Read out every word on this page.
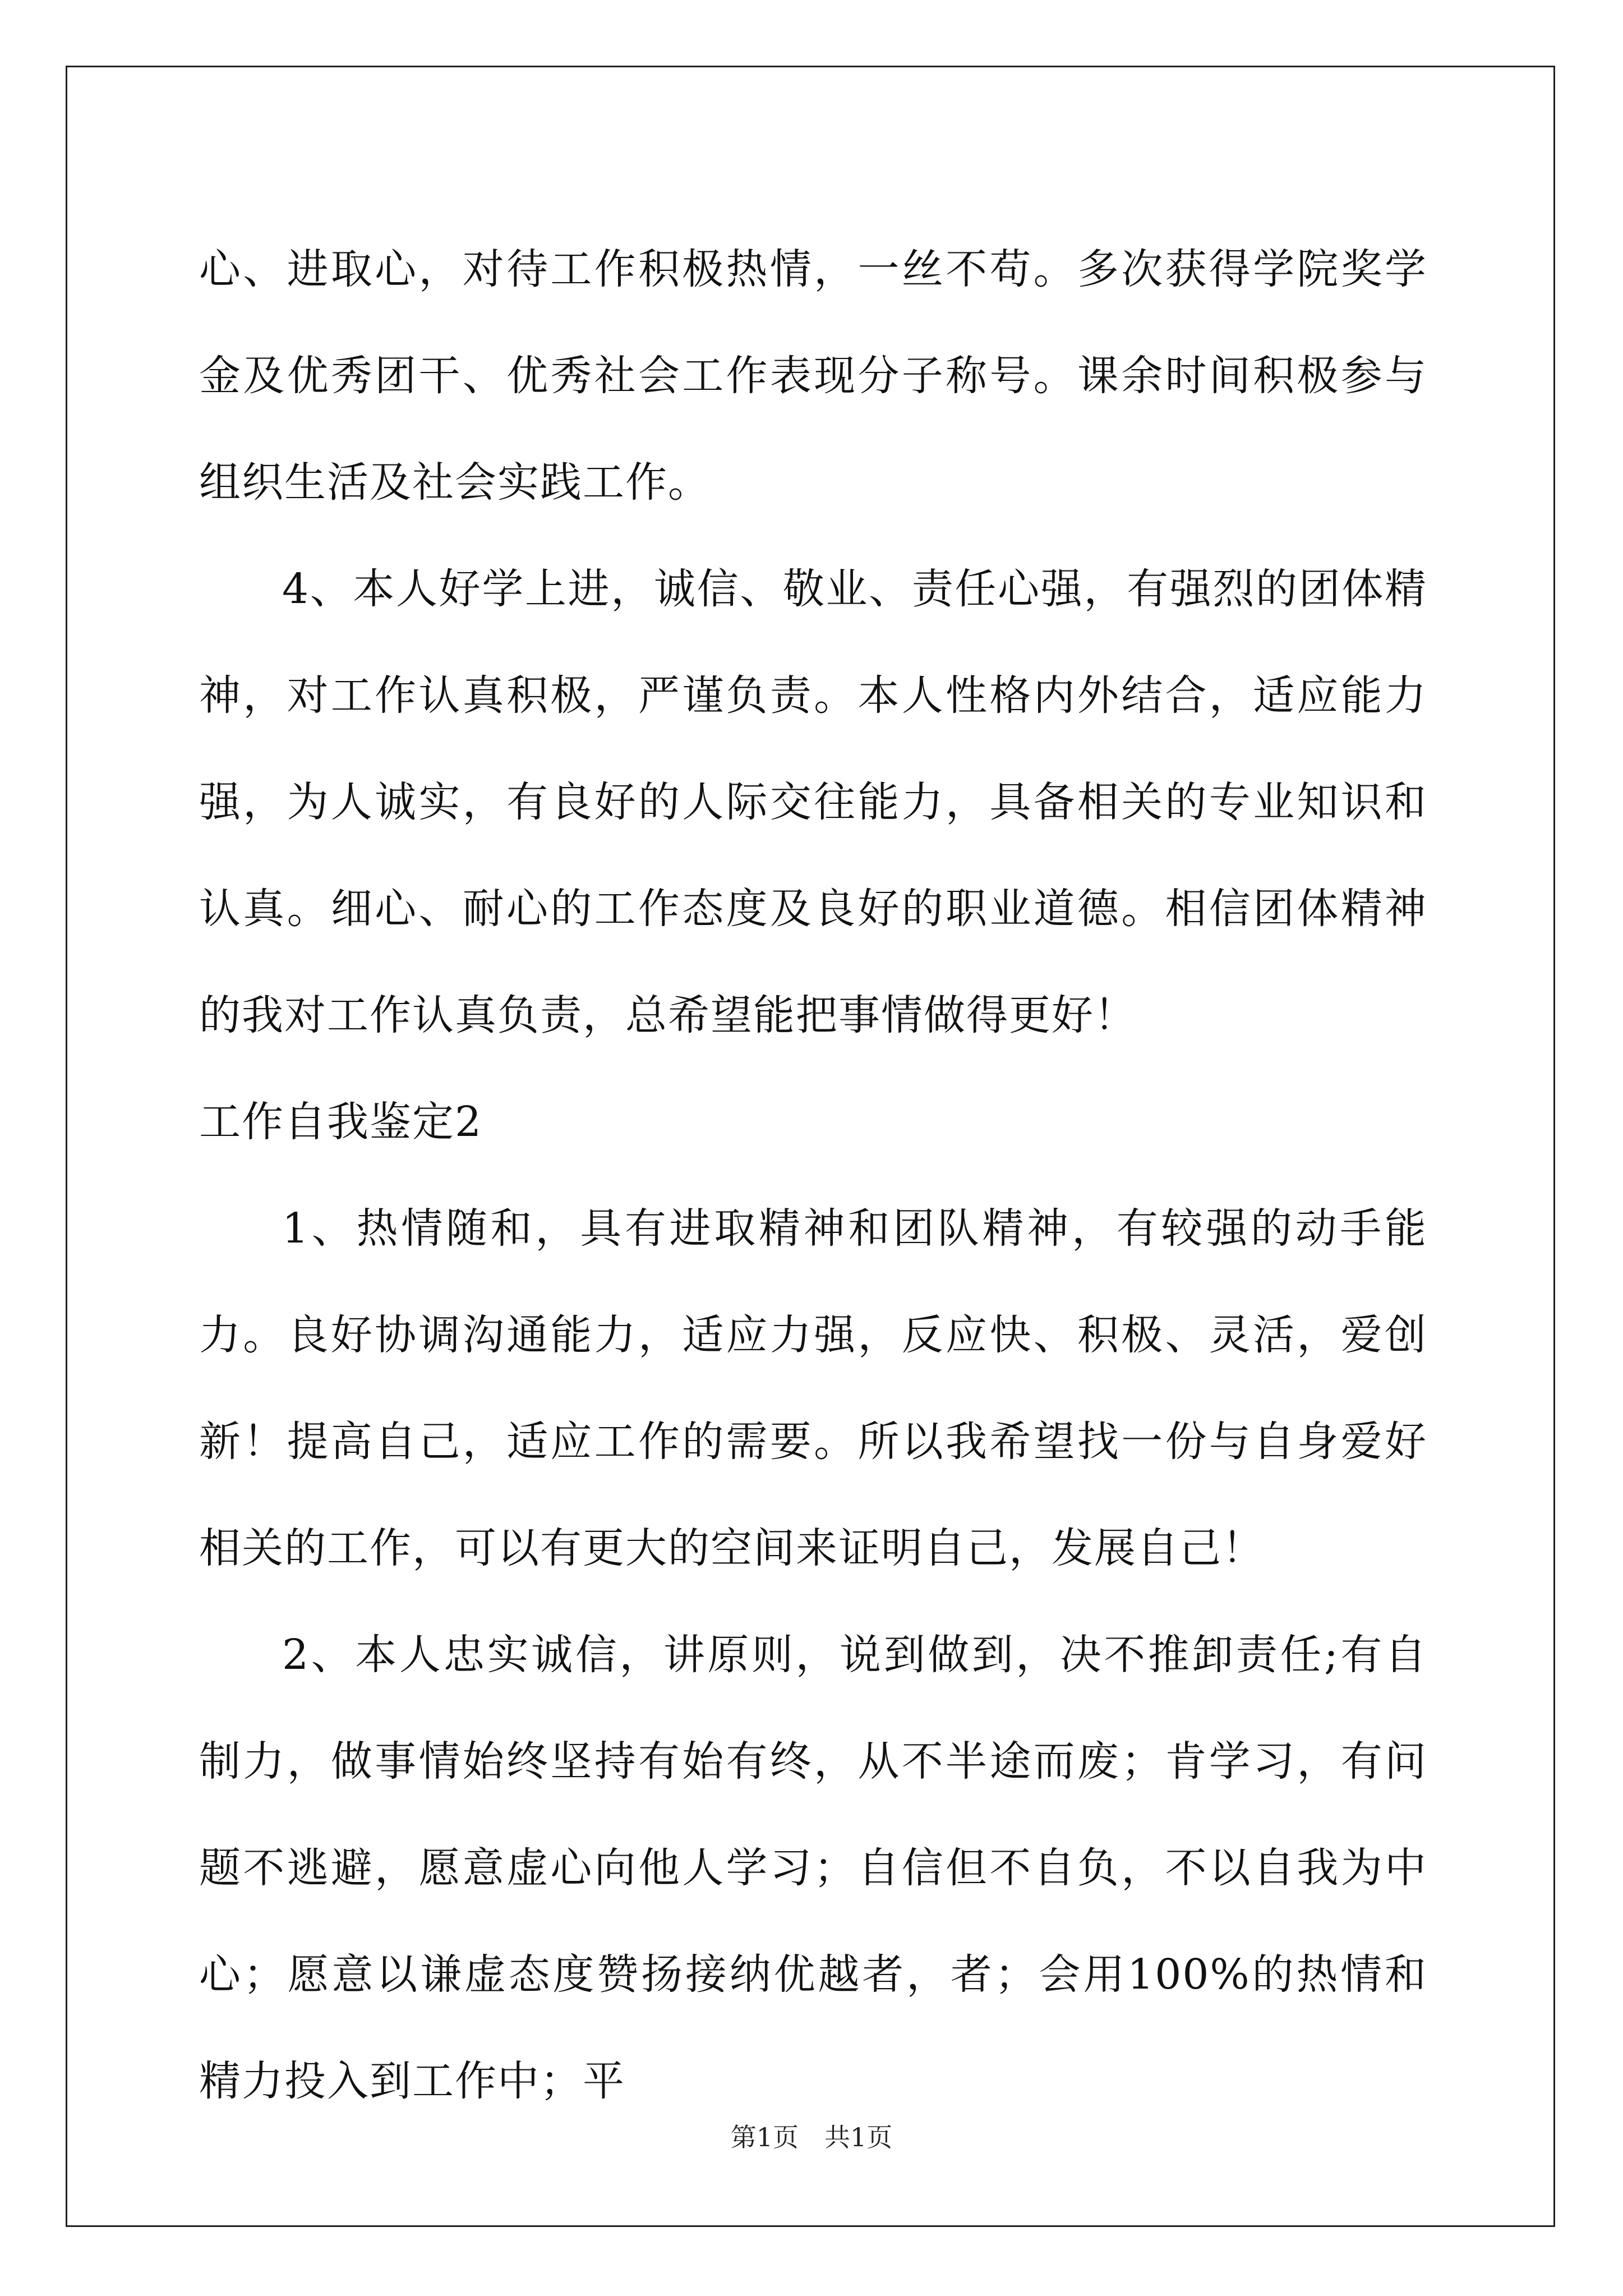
心、进取心，对待工作积极热情，一丝不苟。多次获得学院奖学金及优秀团干、优秀社会工作表现分子称号。课余时间积极参与组织生活及社会实践工作。

4、本人好学上进，诚信、敬业、责任心强，有强烈的团体精神，对工作认真积极，严谨负责。本人性格内外结合，适应能力强，为人诚实，有良好的人际交往能力，具备相关的专业知识和认真。细心、耐心的工作态度及良好的职业道德。相信团体精神的我对工作认真负责，总希望能把事情做得更好！

工作自我鉴定2

1、热情随和，具有进取精神和团队精神，有较强的动手能力。良好协调沟通能力，适应力强，反应快、积极、灵活，爱创新！提高自己，适应工作的需要。所以我希望找一份与自身爱好相关的工作，可以有更大的空间来证明自己，发展自己！

2、本人忠实诚信，讲原则，说到做到，决不推卸责任;有自制力，做事情始终坚持有始有终，从不半途而废；肯学习，有问题不逃避，愿意虚心向他人学习；自信但不自负，不以自我为中心；愿意以谦虚态度赞扬接纳优越者，者；会用100%的热情和精力投入到工作中；平

第1页　共1页
